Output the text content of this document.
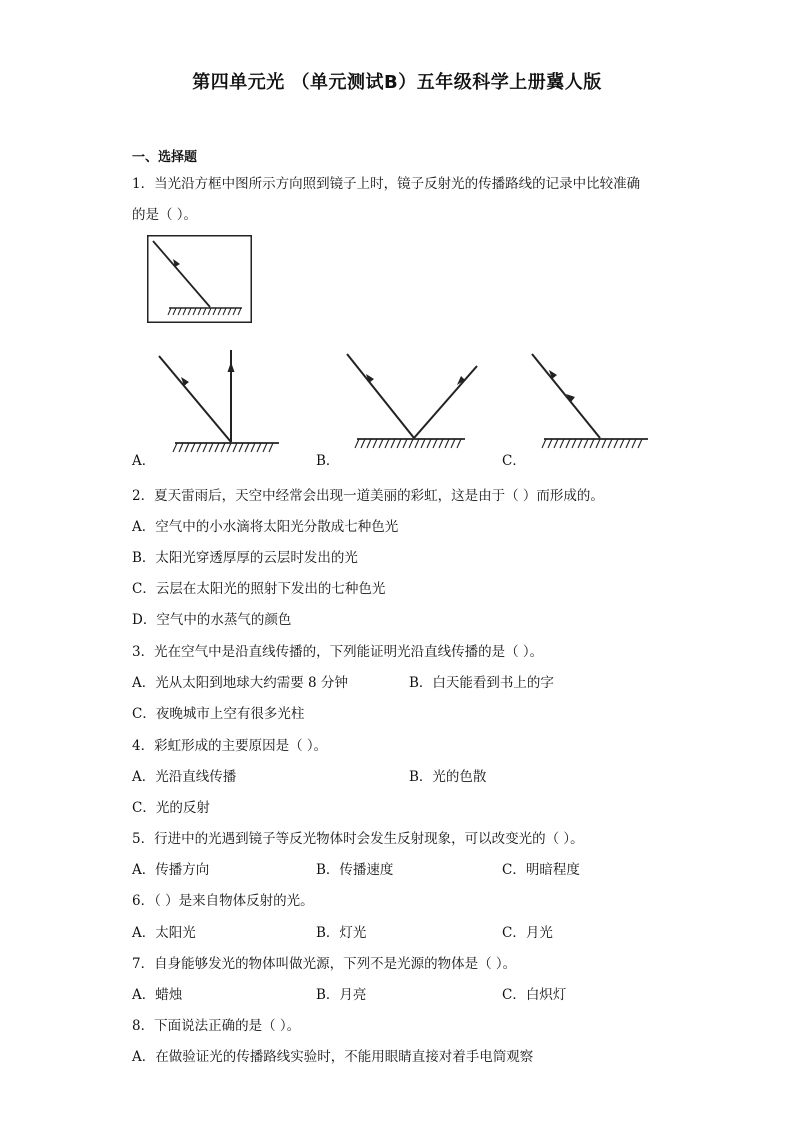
第四单元光 （单元测试B）五年级科学上册冀人版
一、选择题
1．当光沿方框中图所示方向照到镜子上时，镜子反射光的传播路线的记录中比较准确
的是（ ）。
A．	B．	C．
2．夏天雷雨后，天空中经常会出现一道美丽的彩虹，这是由于（ ）而形成的。
A．空气中的小水滴将太阳光分散成七种色光
B．太阳光穿透厚厚的云层时发出的光
C．云层在太阳光的照射下发出的七种色光
D．空气中的水蒸气的颜色
3．光在空气中是沿直线传播的，下列能证明光沿直线传播的是（ ）。
A．光从太阳到地球大约需要 8 分钟	B．白天能看到书上的字
C．夜晚城市上空有很多光柱
4．彩虹形成的主要原因是（ ）。
A．光沿直线传播	B．光的色散
C．光的反射
5．行进中的光遇到镜子等反光物体时会发生反射现象，可以改变光的（ ）。
A．传播方向	B．传播速度	C．明暗程度
6．（ ）是来自物体反射的光。
A．太阳光	B．灯光	C．月光
7．自身能够发光的物体叫做光源，下列不是光源的物体是（ ）。
A．蜡烛	B．月亮	C．白炽灯
8．下面说法正确的是（ ）。
A．在做验证光的传播路线实验时，不能用眼睛直接对着手电筒观察
